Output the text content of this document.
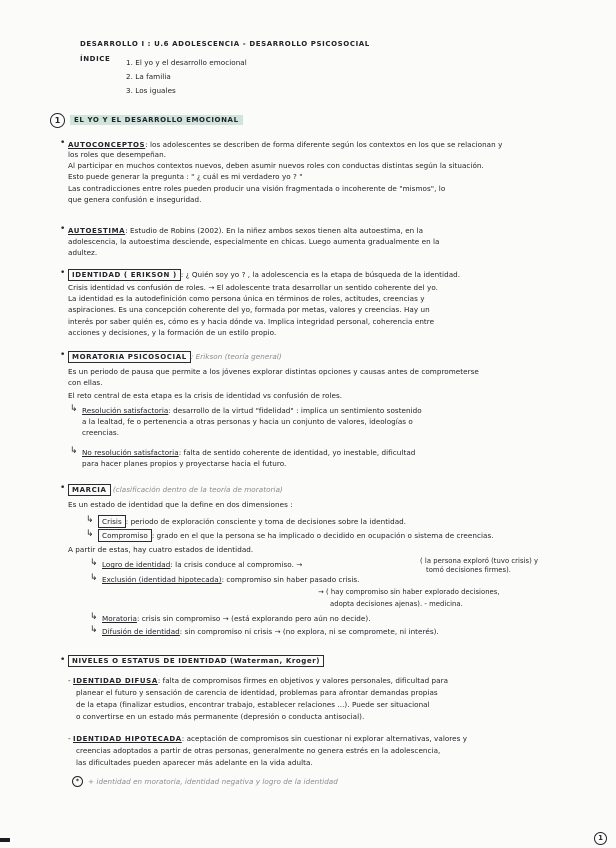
DESARROLLO I : U.6 ADOLESCENCIA - DESARROLLO PSICOSOCIAL
ÍNDICE 1. El yo y el desarrollo emocional
2. La familia
3. Los iguales
1	EL YO Y EL DESARROLLO EMOCIONAL
• AUTOCONCEPTOS: los adolescentes se describen de forma diferente según los contextos en los que se relacionan y
los roles que desempeñan.
Al participar en muchos contextos nuevos, deben asumir nuevos roles con conductas distintas según la situación.
Esto puede generar la pregunta : " ¿ cuál es mi verdadero yo ? "
Las contradicciones entre roles pueden producir una visión fragmentada o incoherente de "mismos", lo
que genera confusión e inseguridad.
• AUTOESTIMA: Estudio de Robins (2002). En la niñez ambos sexos tienen alta autoestima, en la
adolescencia, la autoestima desciende, especialmente en chicas. Luego aumenta gradualmente en la
adultez.
• IDENTIDAD ( ERIKSON ) : ¿ Quién soy yo ? , la adolescencia es la etapa de búsqueda de la identidad.
Crisis identidad vs confusión de roles. → El adolescente trata desarrollar un sentido coherente del yo.
La identidad es la autodefinición como persona única en términos de roles, actitudes, creencias y
aspiraciones. Es una concepción coherente del yo, formada por metas, valores y creencias. Hay un
interés por saber quién es, cómo es y hacia dónde va. Implica integridad personal, coherencia entre
acciones y decisiones, y la formación de un estilo propio.
• MORATORIA PSICOSOCIAL : Erikson (teoría general)
Es un periodo de pausa que permite a los jóvenes explorar distintas opciones y causas antes de comprometerse
con ellas.
El reto central de esta etapa es la crisis de identidad vs confusión de roles.
↳ Resolución satisfactoria: desarrollo de la virtud "fidelidad" : implica un sentimiento sostenido
a la lealtad, fe o pertenencia a otras personas y hacia un conjunto de valores, ideologías o
creencias.
↳ No resolución satisfactoria: falta de sentido coherente de identidad, yo inestable, dificultad
para hacer planes propios y proyectarse hacia el futuro.
• MARCIA (clasificación dentro de la teoría de moratoria)
Es un estado de identidad que la define en dos dimensiones :
↳	Crisis : periodo de exploración consciente y toma de decisiones sobre la identidad.
↳	Compromiso : grado en el que la persona se ha implicado o decidido en ocupación o sistema de creencias.
A partir de estas, hay cuatro estados de identidad.
↳ Logro de identidad: la crisis conduce al compromiso. →	( la persona exploró (tuvo crisis) y
tomó decisiones firmes).
↳ Exclusión (identidad hipotecada): compromiso sin haber pasado crisis.
→ ( hay compromiso sin haber explorado decisiones,
adopta decisiones ajenas). - medicina.
↳ Moratoria: crisis sin compromiso → (está explorando pero aún no decide).
↳ Difusión de identidad: sin compromiso ni crisis → (no explora, ni se compromete, ni interés).
• NIVELES O ESTATUS DE IDENTIDAD (Waterman, Kroger)
- IDENTIDAD DIFUSA: falta de compromisos firmes en objetivos y valores personales, dificultad para
planear el futuro y sensación de carencia de identidad, problemas para afrontar demandas propias
de la etapa (finalizar estudios, encontrar trabajo, establecer relaciones ...). Puede ser situacional
o convertirse en un estado más permanente (depresión o conducta antisocial).
- IDENTIDAD HIPOTECADA: aceptación de compromisos sin cuestionar ni explorar alternativas, valores y
creencias adoptados a partir de otras personas, generalmente no genera estrés en la adolescencia,
las dificultades pueden aparecer más adelante en la vida adulta.
*	+ identidad en moratoria, identidad negativa y logro de la identidad
1
